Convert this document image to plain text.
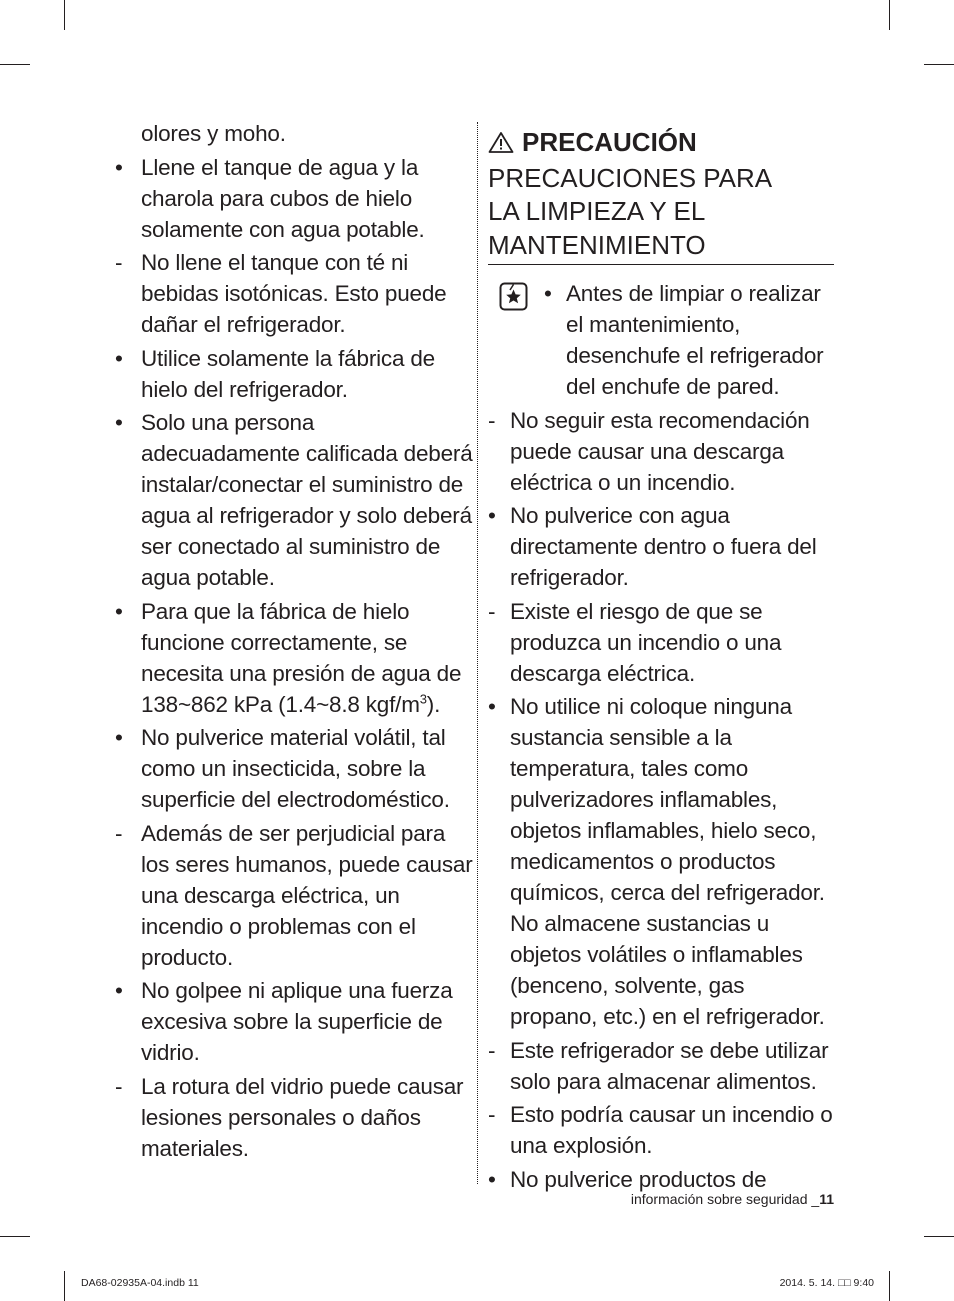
olores y moho.
• Llene el tanque de agua y la charola para cubos de hielo solamente con agua potable.
- No llene el tanque con té ni bebidas isotónicas. Esto puede dañar el refrigerador.
• Utilice solamente la fábrica de hielo del refrigerador.
• Solo una persona adecuadamente calificada deberá instalar/conectar el suministro de agua al refrigerador y solo deberá ser conectado al suministro de agua potable.
• Para que la fábrica de hielo funcione correctamente, se necesita una presión de agua de 138~862 kPa (1.4~8.8 kgf/$m^3$).
• No pulverice material volátil, tal como un insecticida, sobre la superficie del electrodoméstico.
- Además de ser perjudicial para los seres humanos, puede causar una descarga eléctrica, un incendio o problemas con el producto.
• No golpee ni aplique una fuerza excesiva sobre la superficie de vidrio.
- La rotura del vidrio puede causar lesiones personales o daños materiales.
PRECAUCIÓN
PRECAUCIONES PARA
LA LIMPIEZA Y EL
MANTENIMIENTO
• Antes de limpiar o realizar el mantenimiento, desenchufe el refrigerador del enchufe de pared.
- No seguir esta recomendación puede causar una descarga eléctrica o un incendio.
• No pulverice con agua directamente dentro o fuera del refrigerador.
- Existe el riesgo de que se produzca un incendio o una descarga eléctrica.
• No utilice ni coloque ninguna sustancia sensible a la temperatura, tales como pulverizadores inflamables, objetos inflamables, hielo seco, medicamentos o productos químicos, cerca del refrigerador. No almacene sustancias u objetos volátiles o inflamables (benceno, solvente, gas propano, etc.) en el refrigerador.
- Este refrigerador se debe utilizar solo para almacenar alimentos.
- Esto podría causar un incendio o una explosión.
• No pulverice productos de
información sobre seguridad _11
DA68-02935A-04.indb 11	2014. 5. 14. □□ 9:40
